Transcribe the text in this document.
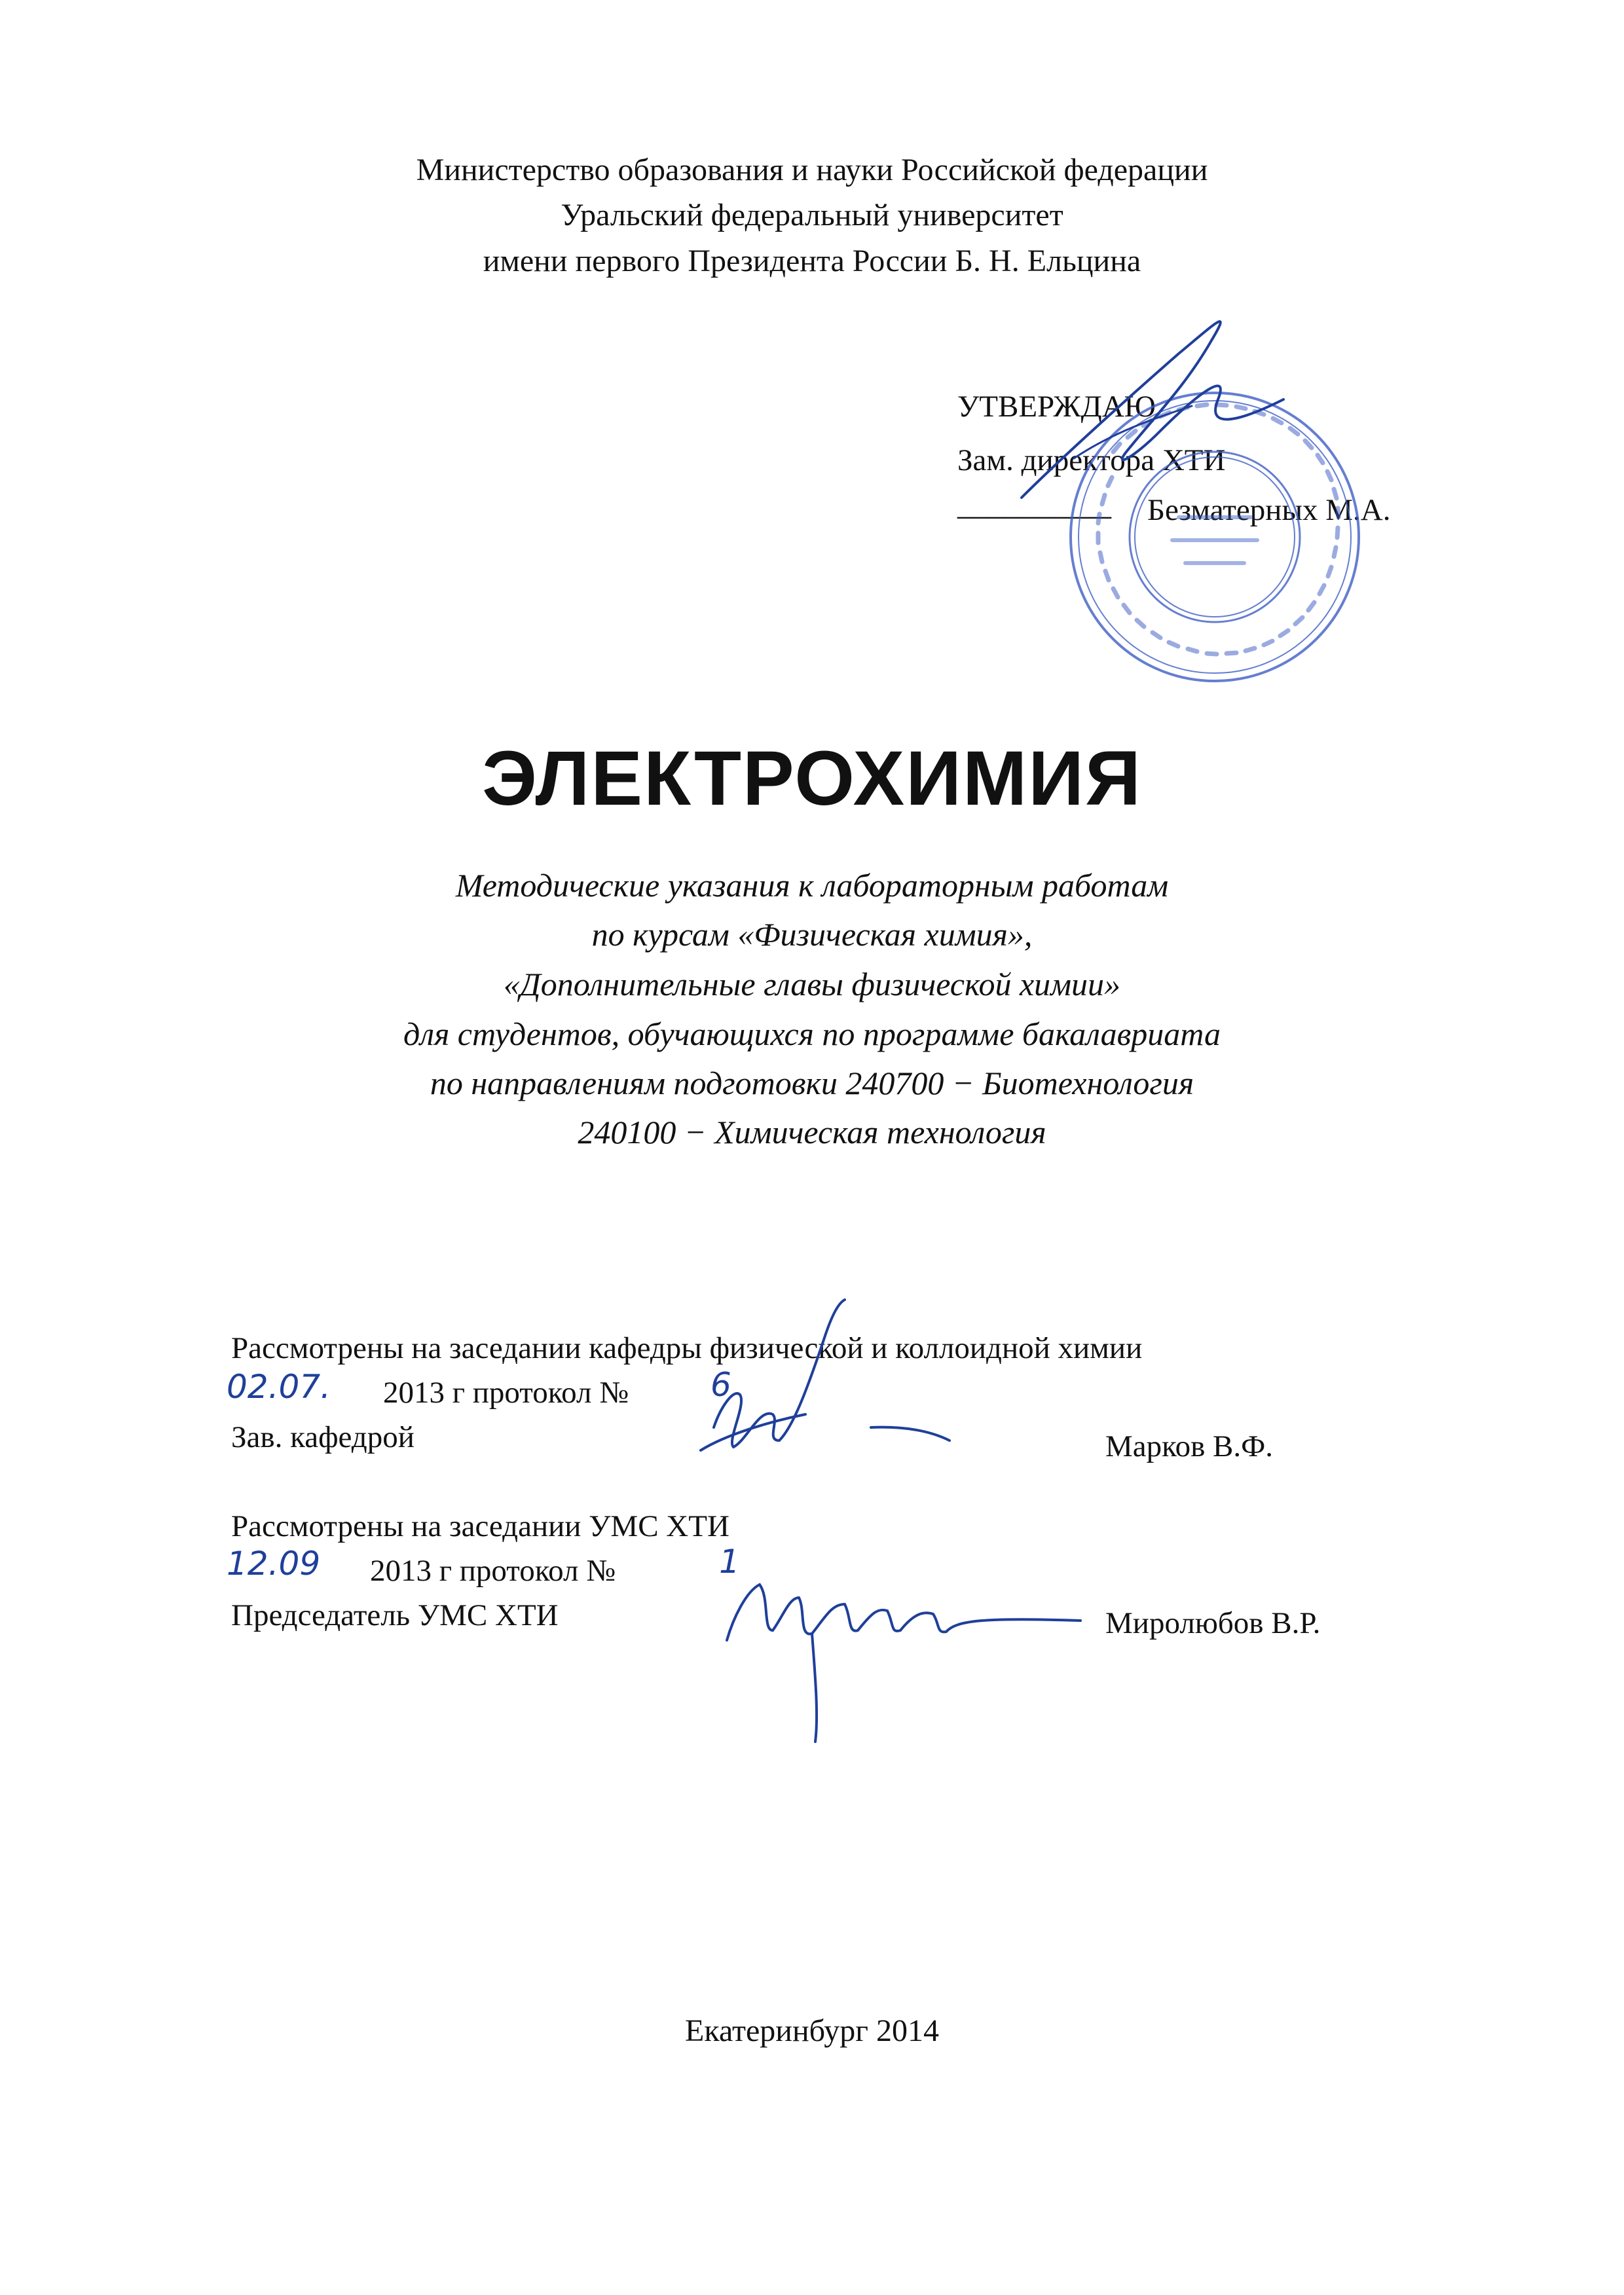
Министерство образования и науки Российской федерации
Уральский федеральный университет
имени первого Президента России Б. Н. Ельцина
УТВЕРЖДАЮ
Зам. директора ХТИ
__________ Безматерных М.А.
ЭЛЕКТРОХИМИЯ
Методические указания к лабораторным работам
по курсам «Физическая химия»,
«Дополнительные главы физической химии»
для студентов, обучающихся по программе бакалавриата
по направлениям подготовки 240700 − Биотехнология
240100 − Химическая технология
Рассмотрены на заседании кафедры физической и коллоидной химии
02.07. 2013 г протокол № 6
Зав. кафедрой	Марков В.Ф.
Рассмотрены на заседании УМС ХТИ
12.09 2013 г протокол №	1
Председатель УМС ХТИ	Миролюбов В.Р.
Екатеринбург 2014
